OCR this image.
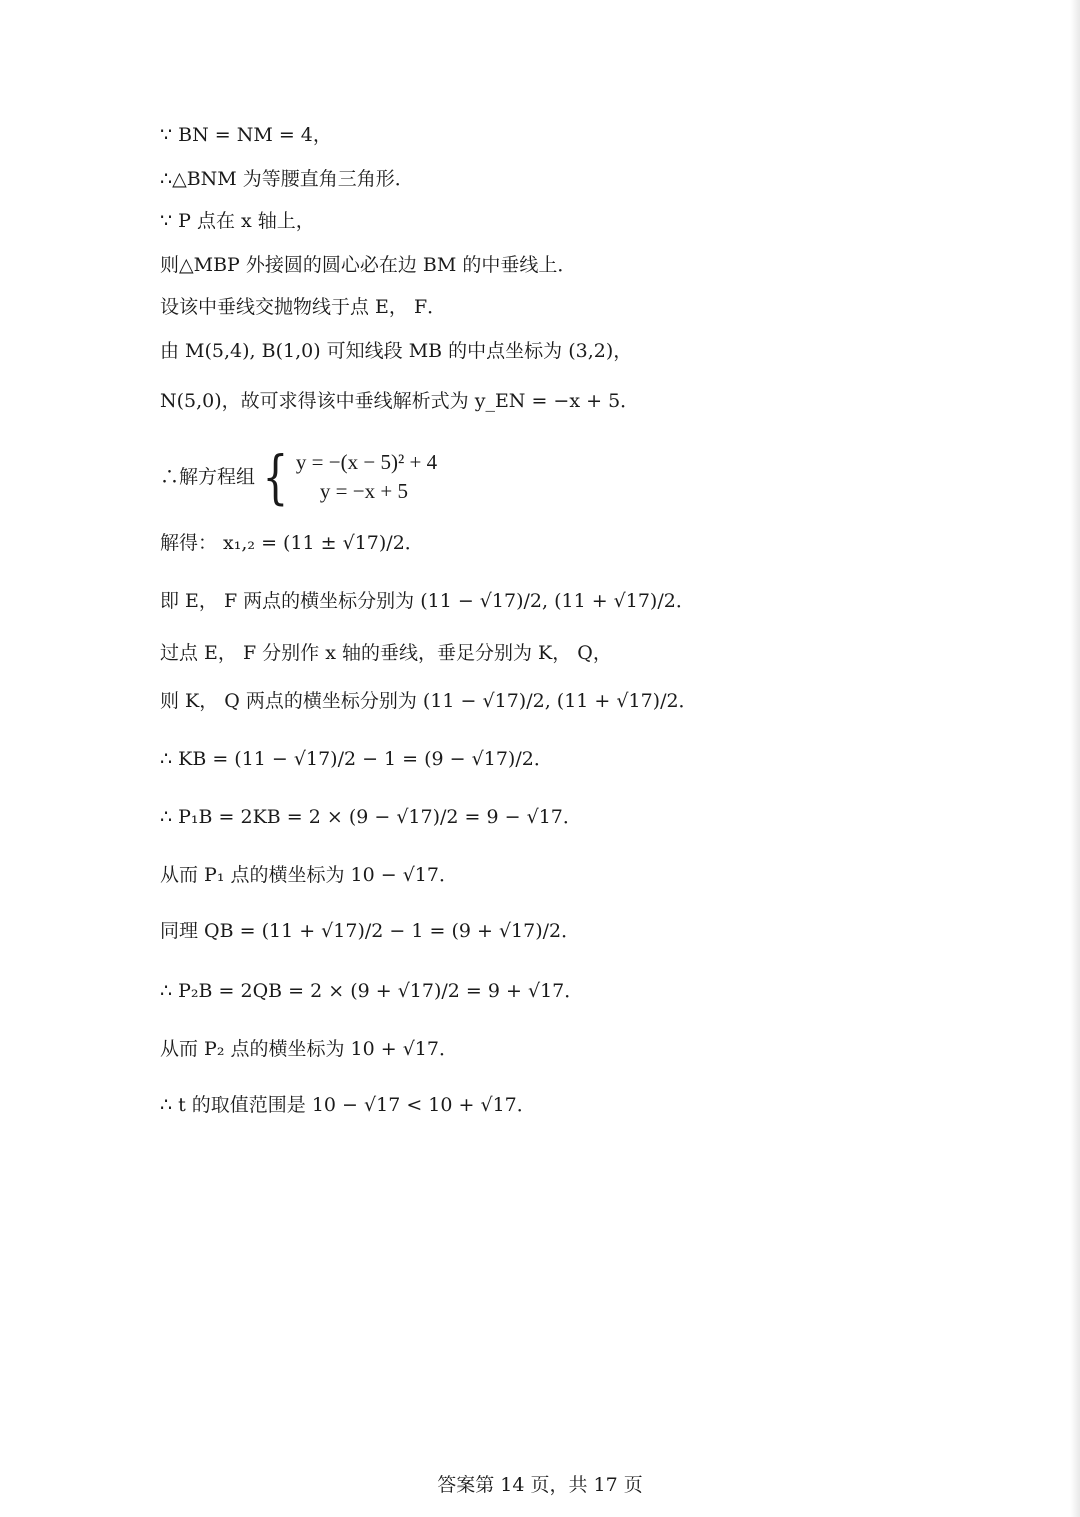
∵ BN = NM = 4，
∴△BNM 为等腰直角三角形．
∵ P 点在 x 轴上，
则△MBP 外接圆的圆心必在边 BM 的中垂线上．
设该中垂线交抛物线于点 E， F．
由 M(5,4), B(1,0) 可知线段 MB 的中点坐标为 (3,2)，
N(5,0)，故可求得该中垂线解析式为 y_EN = −x + 5．
∴解方程组 { y = −(x − 5)² + 4
y = −x + 5
解得： x₁,₂ = (11 ± √17)/2．
即 E， F 两点的横坐标分别为 (11 − √17)/2, (11 + √17)/2．
过点 E， F 分别作 x 轴的垂线，垂足分别为 K， Q，
则 K， Q 两点的横坐标分别为 (11 − √17)/2, (11 + √17)/2．
∴ KB = (11 − √17)/2 − 1 = (9 − √17)/2．
∴ P₁B = 2KB = 2 × (9 − √17)/2 = 9 − √17．
从而 P₁ 点的横坐标为 10 − √17．
同理 QB = (11 + √17)/2 − 1 = (9 + √17)/2．
∴ P₂B = 2QB = 2 × (9 + √17)/2 = 9 + √17．
从而 P₂ 点的横坐标为 10 + √17．
∴ t 的取值范围是 10 − √17 < 10 + √17．
答案第 14 页，共 17 页
